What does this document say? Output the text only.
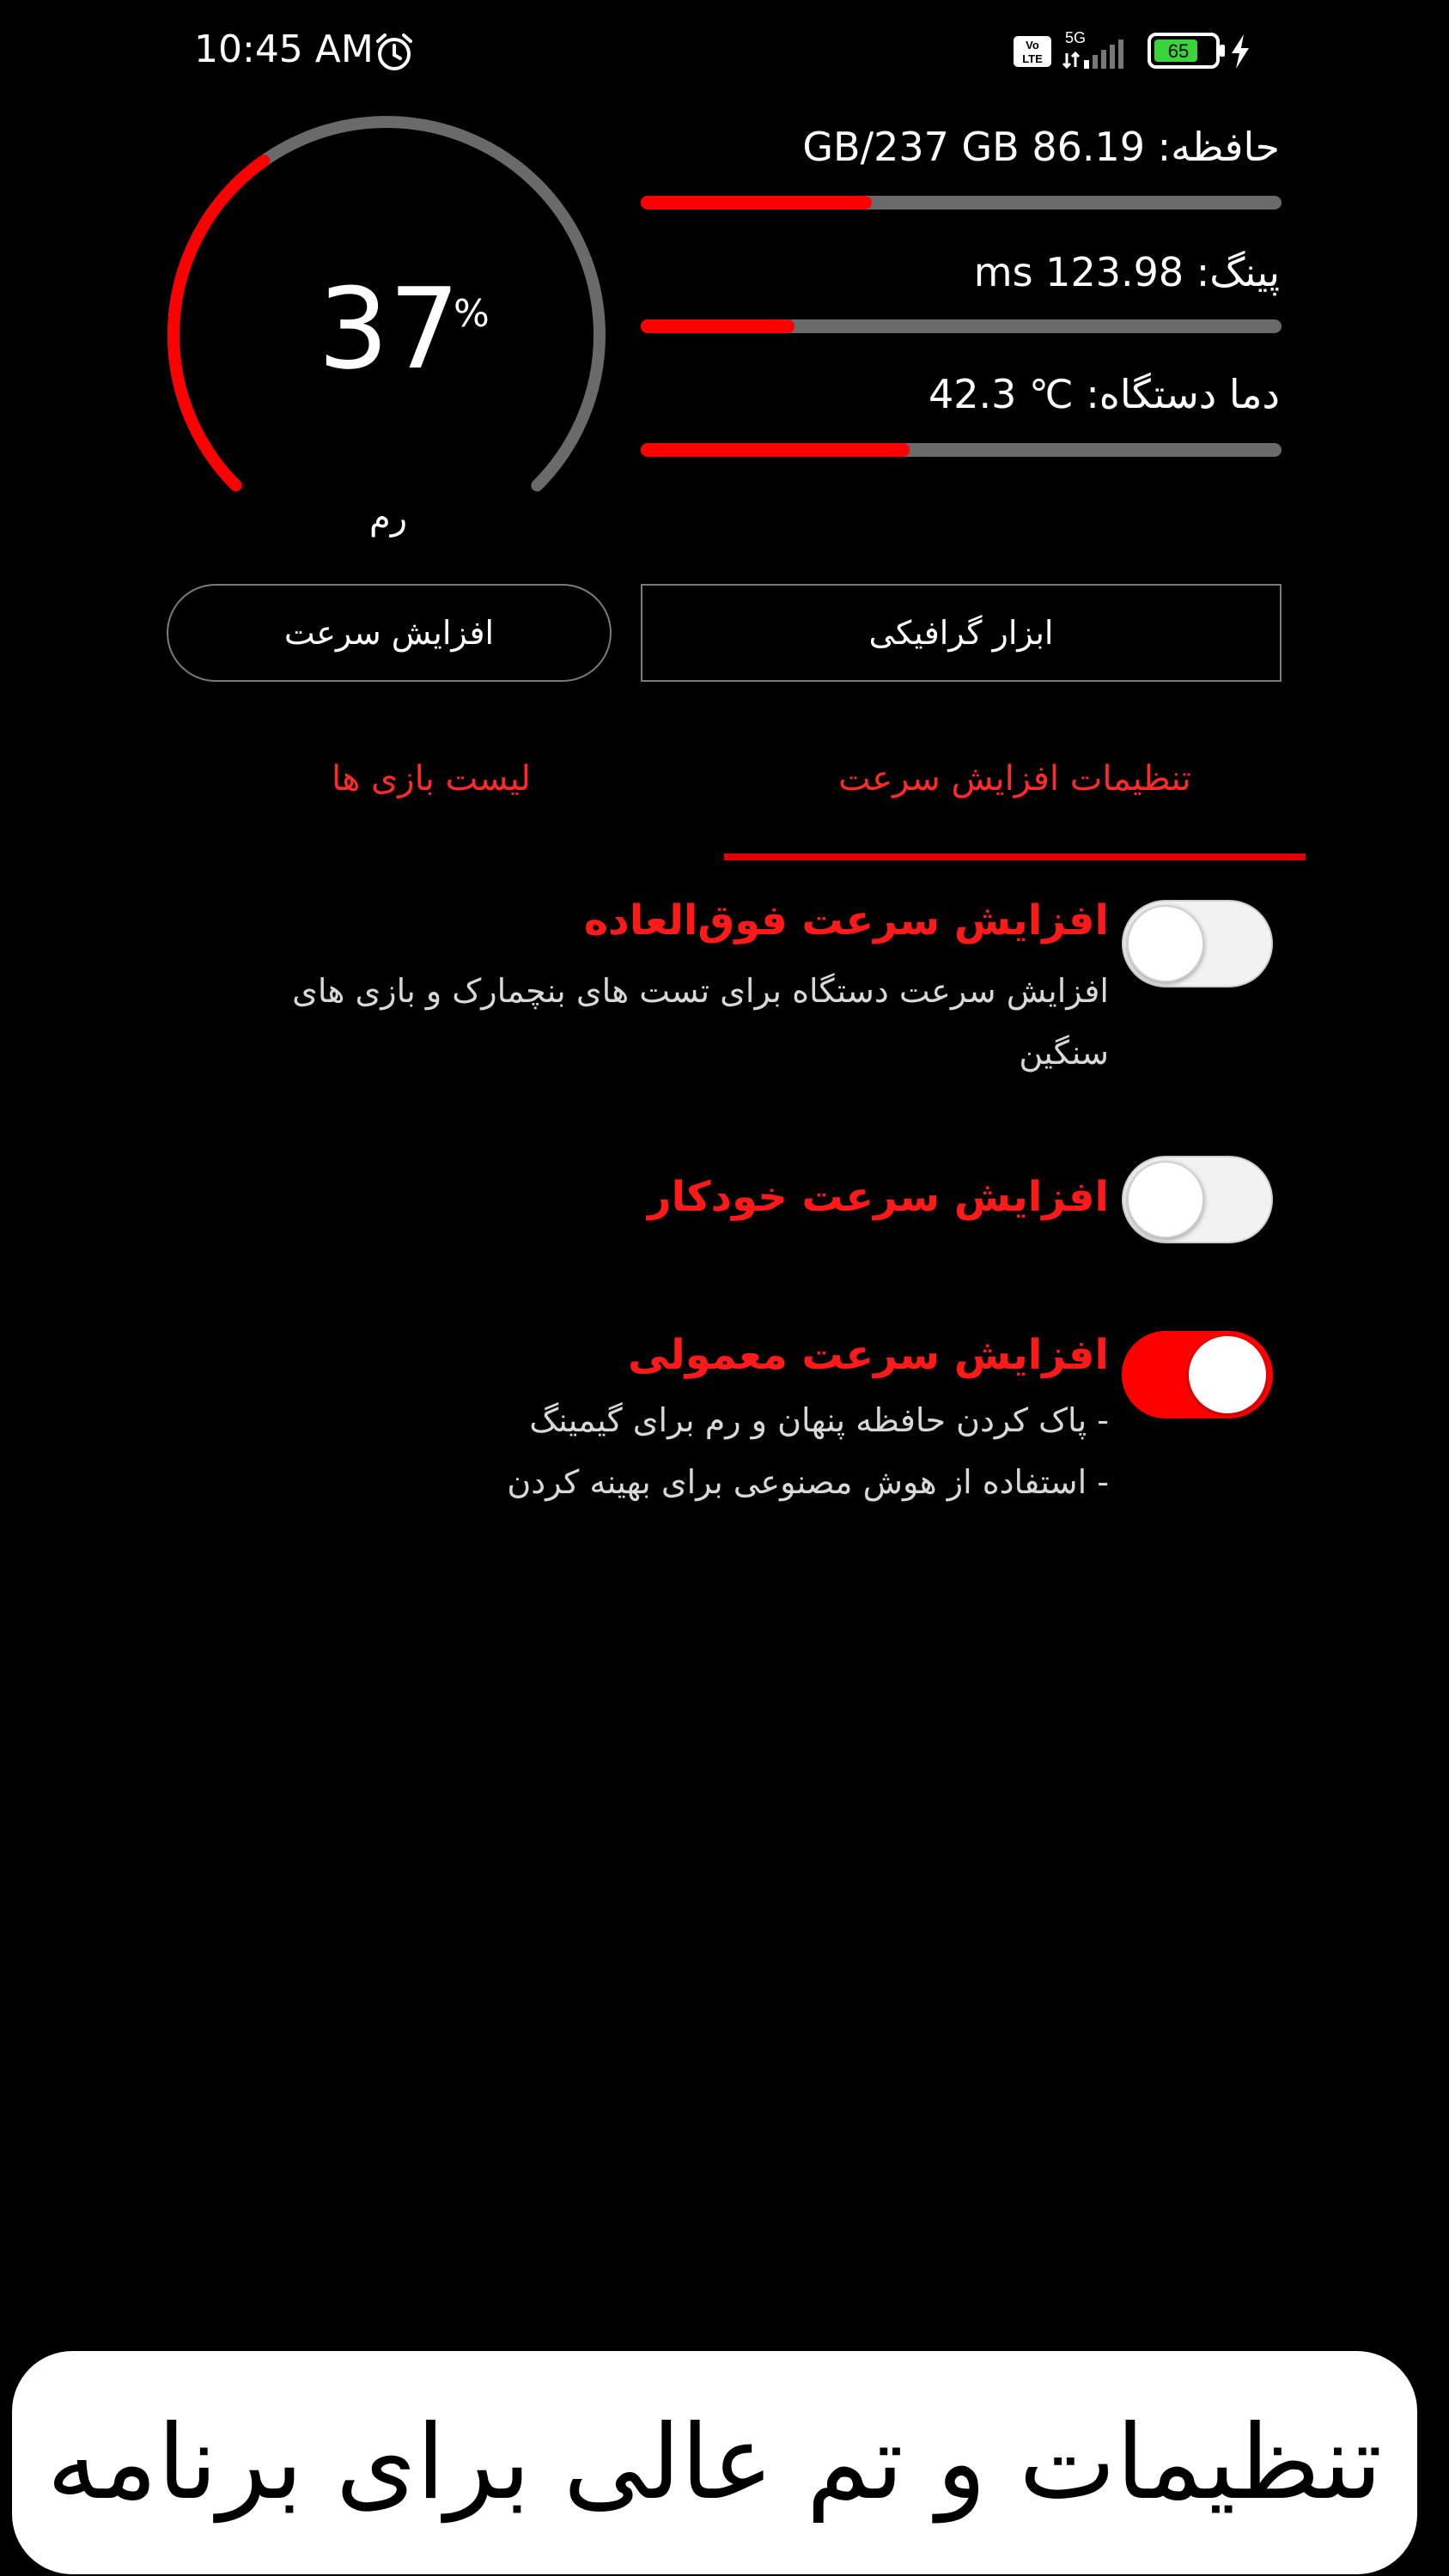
10:45 AM	Vo
LTE
5G
65
37
%
رم
حافظه: GB/237 GB 86.19
پینگ: ms 123.98
دما دستگاه: ℃ 42.3
ابزار گرافیکی
افزایش سرعت
تنظیمات افزایش سرعت
لیست بازی ها
افزایش سرعت فوق‌العاده
افزایش سرعت دستگاه برای تست های بنچمارک و بازی های
سنگین
افزایش سرعت خودکار
افزایش سرعت معمولی
- پاک کردن حافظه پنهان و رم برای گیمینگ
- استفاده از هوش مصنوعی برای بهینه کردن
تنظیمات و تم عالی برای برنامه
